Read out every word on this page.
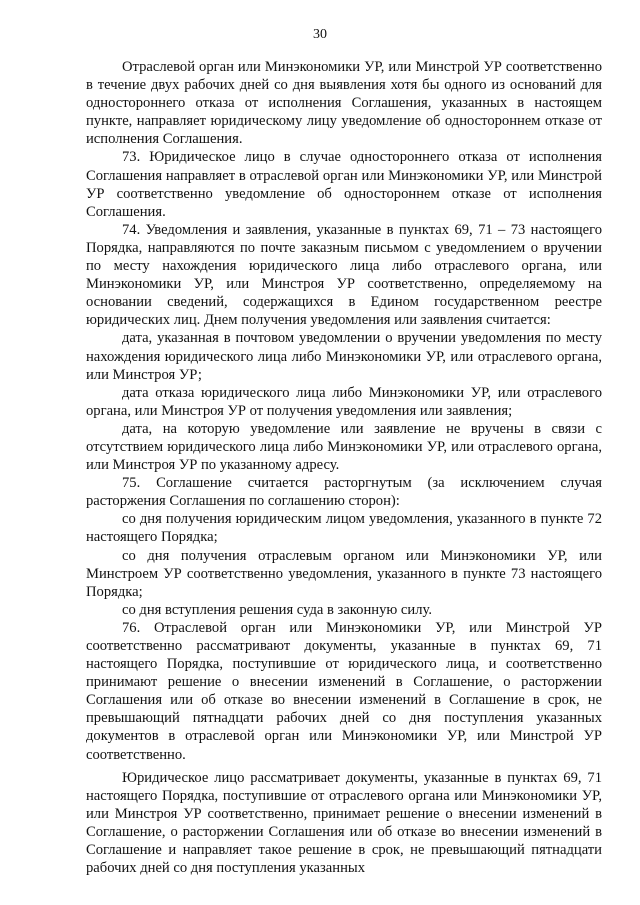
30

Отраслевой орган или Минэкономики УР, или Минстрой УР соответственно в течение двух рабочих дней со дня выявления хотя бы одного из оснований для одностороннего отказа от исполнения Соглашения, указанных в настоящем пункте, направляет юридическому лицу уведомление об одностороннем отказе от исполнения Соглашения.

73. Юридическое лицо в случае одностороннего отказа от исполнения Соглашения направляет в отраслевой орган или Минэкономики УР, или Минстрой УР соответственно уведомление об одностороннем отказе от исполнения Соглашения.

74. Уведомления и заявления, указанные в пунктах 69, 71 – 73 настоящего Порядка, направляются по почте заказным письмом с уведомлением о вручении по месту нахождения юридического лица либо отраслевого органа, или Минэкономики УР, или Минстроя УР соответственно, определяемому на основании сведений, содержащихся в Едином государственном реестре юридических лиц. Днем получения уведомления или заявления считается:

дата, указанная в почтовом уведомлении о вручении уведомления по месту нахождения юридического лица либо Минэкономики УР, или отраслевого органа, или Минстроя УР;

дата отказа юридического лица либо Минэкономики УР, или отраслевого органа, или Минстроя УР от получения уведомления или заявления;

дата, на которую уведомление или заявление не вручены в связи с отсутствием юридического лица либо Минэкономики УР, или отраслевого органа, или Минстроя УР по указанному адресу.

75. Соглашение считается расторгнутым (за исключением случая расторжения Соглашения по соглашению сторон):

со дня получения юридическим лицом уведомления, указанного в пункте 72 настоящего Порядка;

со дня получения отраслевым органом или Минэкономики УР, или Минстроем УР соответственно уведомления, указанного в пункте 73 настоящего Порядка;

со дня вступления решения суда в законную силу.

76. Отраслевой орган или Минэкономики УР, или Минстрой УР соответственно рассматривают документы, указанные в пунктах 69, 71 настоящего Порядка, поступившие от юридического лица, и соответственно принимают решение о внесении изменений в Соглашение, о расторжении Соглашения или об отказе во внесении изменений в Соглашение в срок, не превышающий пятнадцати рабочих дней со дня поступления указанных документов в отраслевой орган или Минэкономики УР, или Минстрой УР соответственно.

Юридическое лицо рассматривает документы, указанные в пунктах 69, 71 настоящего Порядка, поступившие от отраслевого органа или Минэкономики УР, или Минстроя УР соответственно, принимает решение о внесении изменений в Соглашение, о расторжении Соглашения или об отказе во внесении изменений в Соглашение и направляет такое решение в срок, не превышающий пятнадцати рабочих дней со дня поступления указанных
